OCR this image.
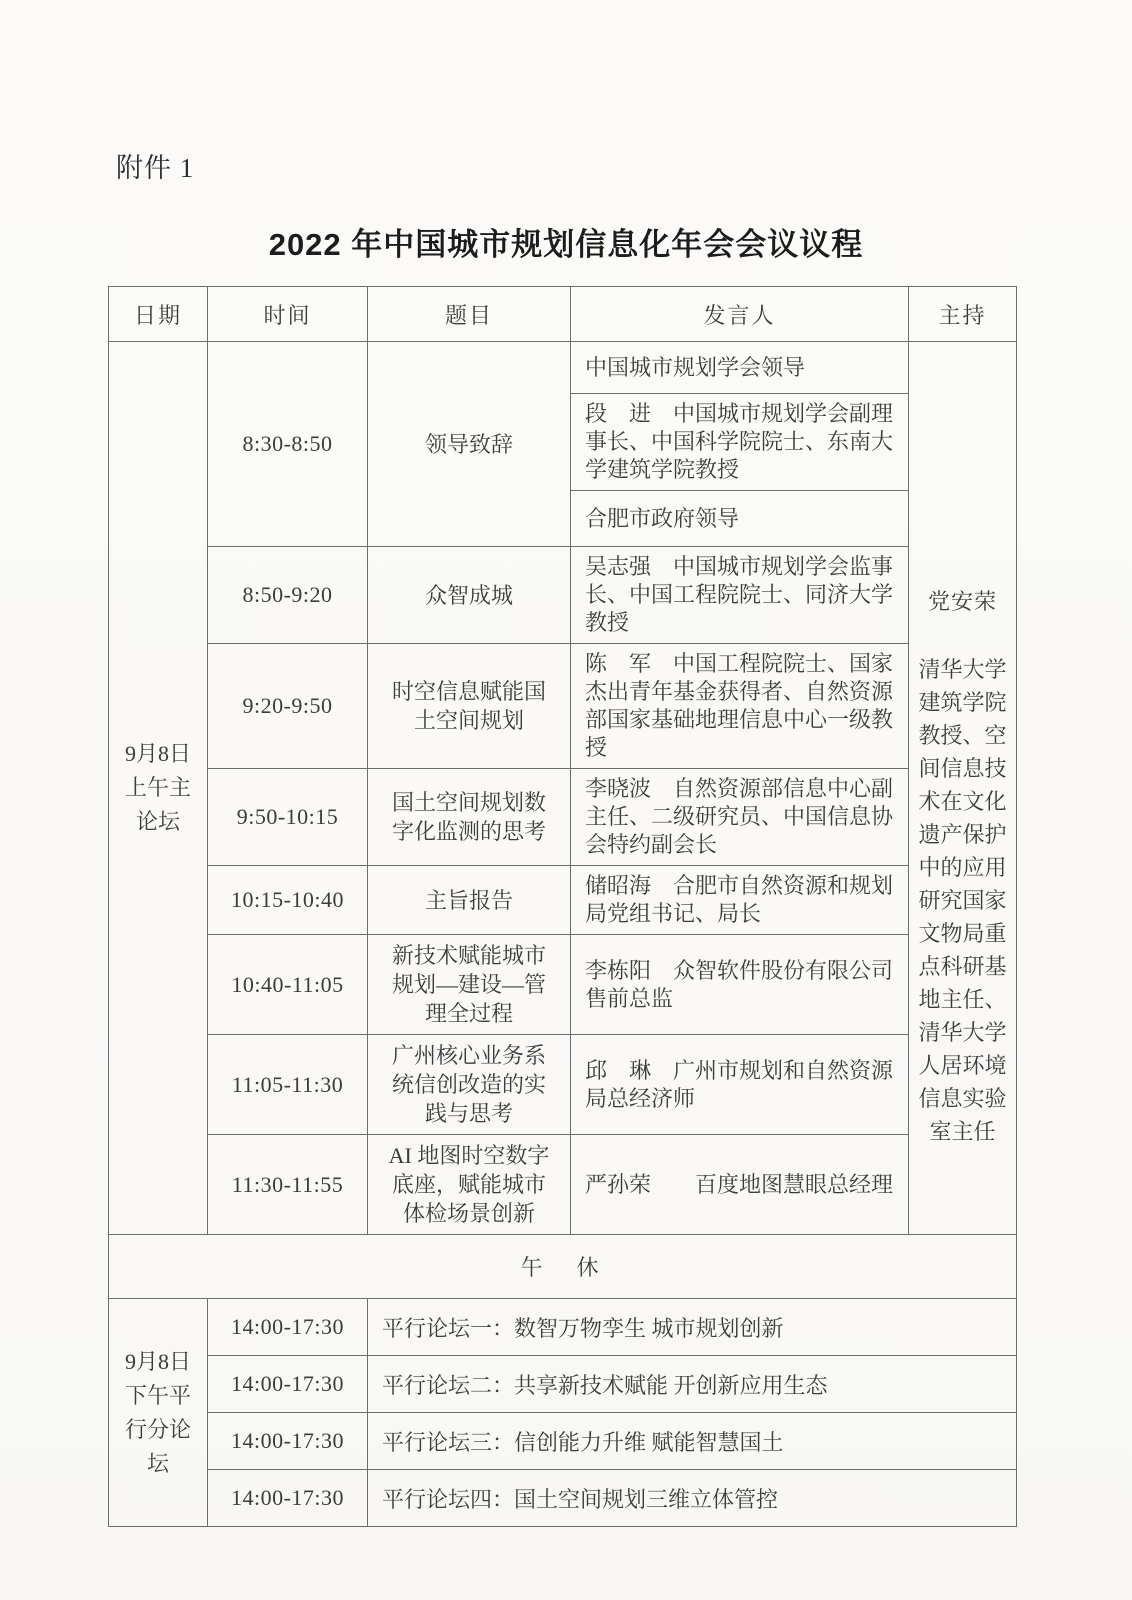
附件 1
2022 年中国城市规划信息化年会会议议程
日期	时间	题目	发言人	主持
9月8日上午主论坛	8:30-8:50	领导致辞	中国城市规划学会领导	党安荣
清华大学建筑学院教授、空间信息技术在文化遗产保护中的应用研究国家文物局重点科研基地主任、清华大学人居环境信息实验室主任

			段　进　中国城市规划学会副理事长、中国科学院院士、东南大学建筑学院教授	
			合肥市政府领导	
	8:50-9:20	众智成城	吴志强　中国城市规划学会监事长、中国工程院院士、同济大学教授	
	9:20-9:50	时空信息赋能国土空间规划	陈　军　中国工程院院士、国家杰出青年基金获得者、自然资源部国家基础地理信息中心一级教授	
	9:50-10:15	国土空间规划数字化监测的思考	李晓波　自然资源部信息中心副主任、二级研究员、中国信息协会特约副会长	
	10:15-10:40	主旨报告	储昭海　合肥市自然资源和规划局党组书记、局长	
	10:40-11:05	新技术赋能城市规划—建设—管理全过程	李栋阳　众智软件股份有限公司售前总监	
	11:05-11:30	广州核心业务系统信创改造的实践与思考	邱　琳　广州市规划和自然资源局总经济师	
	11:30-11:55	AI 地图时空数字底座，赋能城市体检场景创新	严孙荣　　百度地图慧眼总经理	
午　休				
9月8日下午平行分论坛	14:00-17:30	平行论坛一：数智万物孪生 城市规划创新		
	14:00-17:30	平行论坛二：共享新技术赋能 开创新应用生态		
	14:00-17:30	平行论坛三：信创能力升维 赋能智慧国土		
	14:00-17:30	平行论坛四：国土空间规划三维立体管控		
